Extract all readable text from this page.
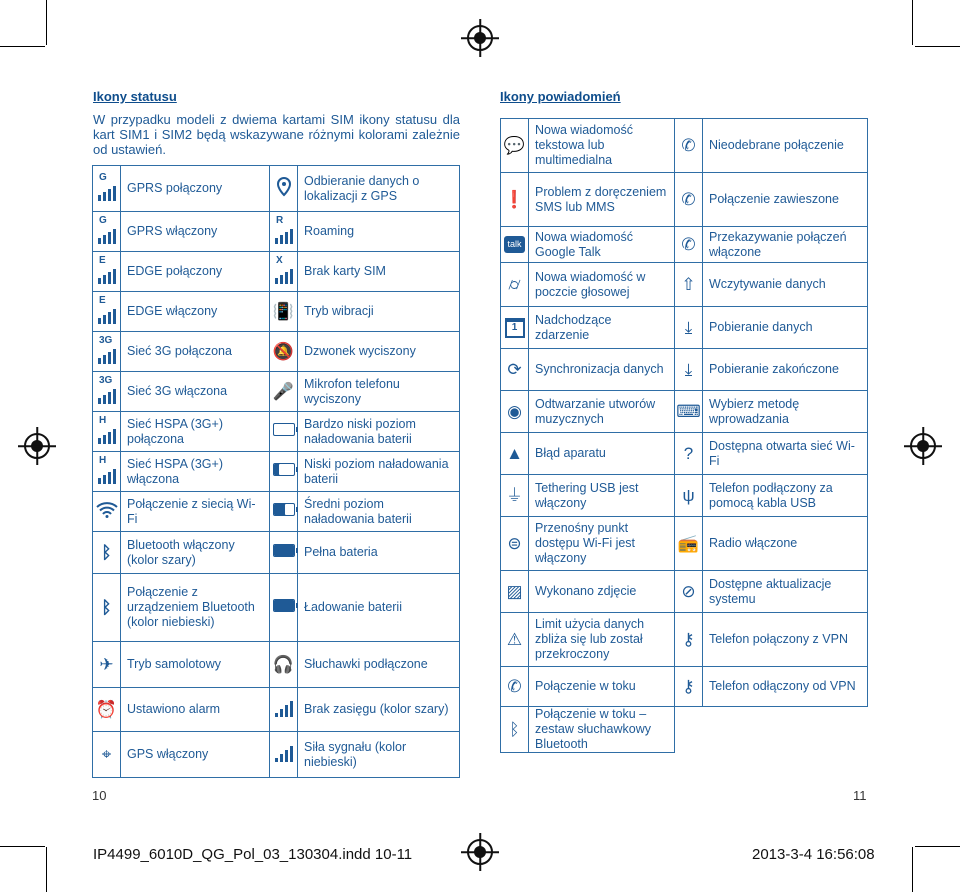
Ikony statusu
W przypadku modeli z dwiema kartami SIM ikony statusu dla kart SIM1 i SIM2 będą wskazywane różnymi kolorami zależnie od ustawień.
G	GPRS połączony		Odbieranie danych o lokalizacji z GPS

G	GPRS włączony	R	Roaming

E	EDGE połączony	X	Brak karty SIM

E	EDGE włączony	📳	Tryb wibracji

3G	Sieć 3G połączona	🔕	Dzwonek wyciszony

3G	Sieć 3G włączona	🎤	Mikrofon telefonu wyciszony

H	Sieć HSPA (3G+) połączona		Bardzo niski poziom naładowania baterii

H	Sieć HSPA (3G+) włączona		Niski poziom naładowania baterii
	Połączenie z siecią Wi-Fi		Średni poziom naładowania baterii
ᛒ	Bluetooth włączony (kolor szary)		Pełna bateria
ᛒ	Połączenie z urządzeniem Bluetooth (kolor niebieski)		Ładowanie baterii
✈	Tryb samolotowy	🎧	Słuchawki podłączone
⏰	Ustawiono alarm		Brak zasięgu (kolor szary)
⌖	GPS włączony		Siła sygnału (kolor niebieski)
Ikony powiadomień
💬	Nowa wiadomość tekstowa lub multimedialna	✆	Nieodebrane połączenie
❗	Problem z doręczeniem SMS lub MMS	✆	Połączenie zawieszone
talk	Nowa wiadomość Google Talk	✆	Przekazywanie połączeń włączone
⌭	Nowa wiadomość w poczcie głosowej	⇧	Wczytywanie danych
1	Nadchodzące zdarzenie	⤓	Pobieranie danych
⟳	Synchronizacja danych	⤓	Pobieranie zakończone
◉	Odtwarzanie utworów muzycznych	⌨	Wybierz metodę wprowadzania
▲	Błąd aparatu	?	Dostępna otwarta sieć Wi-Fi
⏚	Tethering USB jest włączony	ψ	Telefon podłączony za pomocą kabla USB
⊜	Przenośny punkt dostępu Wi-Fi jest włączony	📻	Radio włączone
▨	Wykonano zdjęcie	⊘	Dostępne aktualizacje systemu
⚠	Limit użycia danych zbliża się lub został przekroczony	⚷	Telefon połączony z VPN
✆	Połączenie w toku	⚷	Telefon odłączony od VPN
ᛒ	Połączenie w toku – zestaw słuchawkowy Bluetooth		
10	11
IP4499_6010D_QG_Pol_03_130304.indd 10-11	2013-3-4 16:56:08
